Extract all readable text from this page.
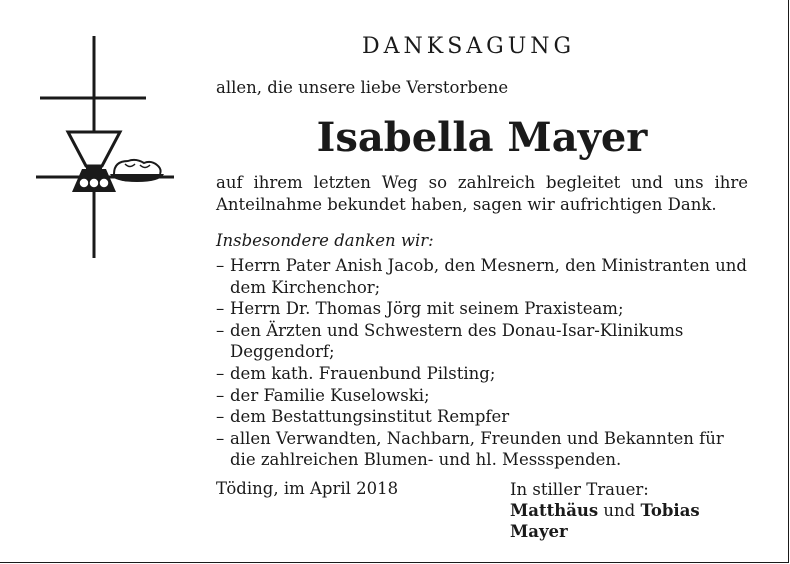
DANKSAGUNG
allen, die unsere liebe Verstorbene
Isabella Mayer
auf ihrem letzten Weg so zahlreich begleitet und uns ihre Anteilnahme bekundet haben, sagen wir aufrichtigen Dank.
Insbesondere danken wir:
– Herrn Pater Anish Jacob, den Mesnern, den Ministranten und dem Kirchenchor;
– Herrn Dr. Thomas Jörg mit seinem Praxisteam;
– den Ärzten und Schwestern des Donau-Isar-Klinikums Deggendorf;
– dem kath. Frauenbund Pilsting;
– der Familie Kuselowski;
– dem Bestattungsinstitut Rempfer
– allen Verwandten, Nachbarn, Freunden und Bekannten für die zahlreichen Blumen- und hl. Messspenden.
Töding, im April 2018	In stiller Trauer:
Matthäus und Tobias Mayer
